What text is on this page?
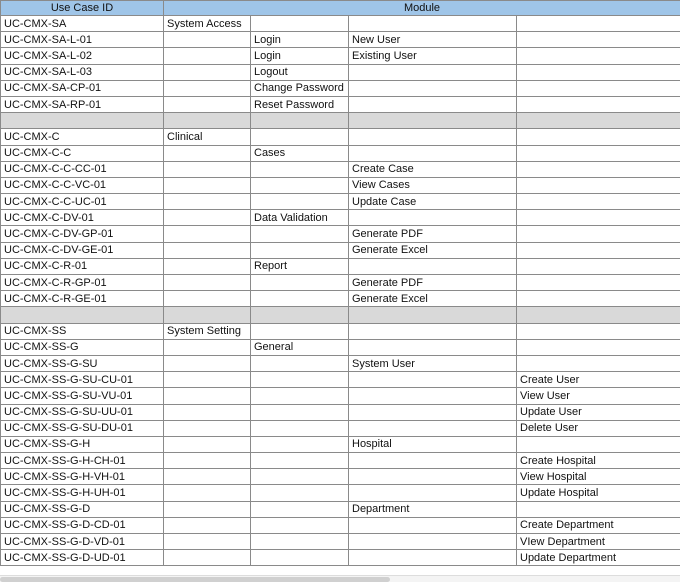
Use Case ID	Module			
UC-CMX-SA	System Access			
UC-CMX-SA-L-01		Login	New User	
UC-CMX-SA-L-02		Login	Existing User	
UC-CMX-SA-L-03		Logout		
UC-CMX-SA-CP-01		Change Password		
UC-CMX-SA-RP-01		Reset Password		

UC-CMX-C	Clinical			
UC-CMX-C-C		Cases		
UC-CMX-C-C-CC-01			Create Case	
UC-CMX-C-C-VC-01			View Cases	
UC-CMX-C-C-UC-01			Update Case	
UC-CMX-C-DV-01		Data Validation		
UC-CMX-C-DV-GP-01			Generate PDF	
UC-CMX-C-DV-GE-01			Generate Excel	
UC-CMX-C-R-01		Report		
UC-CMX-C-R-GP-01			Generate PDF	
UC-CMX-C-R-GE-01			Generate Excel	

UC-CMX-SS	System Setting			
UC-CMX-SS-G		General		
UC-CMX-SS-G-SU			System User	
UC-CMX-SS-G-SU-CU-01				Create User
UC-CMX-SS-G-SU-VU-01				View User
UC-CMX-SS-G-SU-UU-01				Update User
UC-CMX-SS-G-SU-DU-01				Delete User
UC-CMX-SS-G-H			Hospital	
UC-CMX-SS-G-H-CH-01				Create Hospital
UC-CMX-SS-G-H-VH-01				View Hospital
UC-CMX-SS-G-H-UH-01				Update Hospital
UC-CMX-SS-G-D			Department	
UC-CMX-SS-G-D-CD-01				Create Department
UC-CMX-SS-G-D-VD-01				VIew Department
UC-CMX-SS-G-D-UD-01				Update Department
